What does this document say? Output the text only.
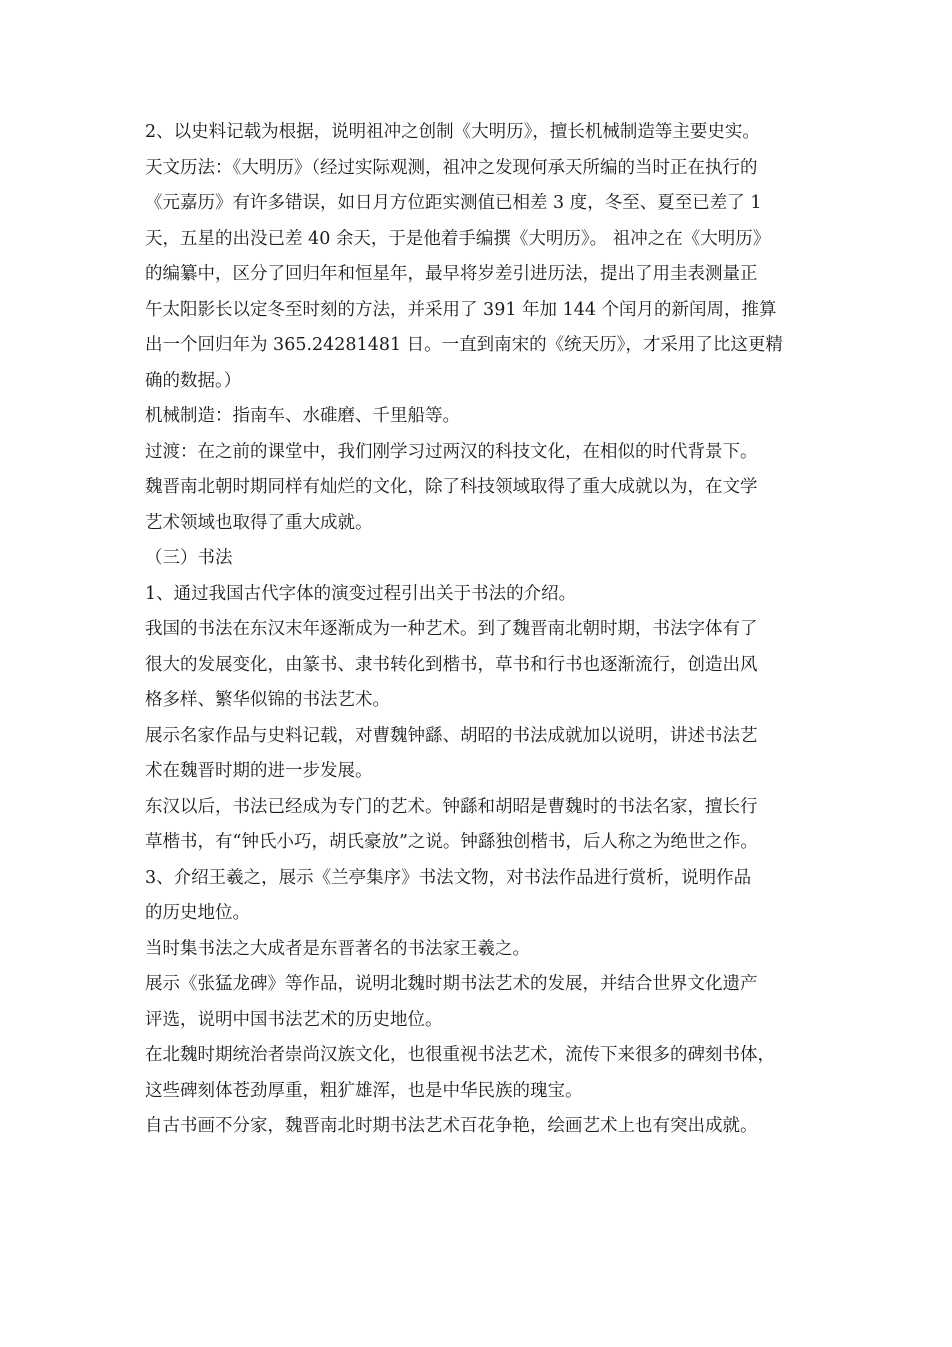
2、以史料记载为根据，说明祖冲之创制《大明历》，擅长机械制造等主要史实。
天文历法：《大明历》（经过实际观测，祖冲之发现何承天所编的当时正在执行的
《元嘉历》有许多错误，如日月方位距实测值已相差 3 度，冬至、夏至已差了 1
天，五星的出没已差 40 余天，于是他着手编撰《大明历》。 祖冲之在《大明历》
的编纂中，区分了回归年和恒星年，最早将岁差引进历法，提出了用圭表测量正
午太阳影长以定冬至时刻的方法，并采用了 391 年加 144 个闰月的新闰周，推算
出一个回归年为 365.24281481 日。一直到南宋的《统天历》，才采用了比这更精
确的数据。）
机械制造：指南车、水碓磨、千里船等。
过渡：在之前的课堂中，我们刚学习过两汉的科技文化，在相似的时代背景下。
魏晋南北朝时期同样有灿烂的文化，除了科技领域取得了重大成就以为，在文学
艺术领域也取得了重大成就。
（三）书法
1、通过我国古代字体的演变过程引出关于书法的介绍。
我国的书法在东汉末年逐渐成为一种艺术。到了魏晋南北朝时期，书法字体有了
很大的发展变化，由篆书、隶书转化到楷书，草书和行书也逐渐流行，创造出风
格多样、繁华似锦的书法艺术。
展示名家作品与史料记载，对曹魏钟繇、胡昭的书法成就加以说明，讲述书法艺
术在魏晋时期的进一步发展。
东汉以后，书法已经成为专门的艺术。钟繇和胡昭是曹魏时的书法名家，擅长行
草楷书，有“钟氏小巧，胡氏豪放”之说。钟繇独创楷书，后人称之为绝世之作。
3、介绍王羲之，展示《兰亭集序》书法文物，对书法作品进行赏析，说明作品
的历史地位。
当时集书法之大成者是东晋著名的书法家王羲之。
展示《张猛龙碑》等作品，说明北魏时期书法艺术的发展，并结合世界文化遗产
评选，说明中国书法艺术的历史地位。
在北魏时期统治者崇尚汉族文化，也很重视书法艺术，流传下来很多的碑刻书体，
这些碑刻体苍劲厚重，粗犷雄浑，也是中华民族的瑰宝。
自古书画不分家，魏晋南北时期书法艺术百花争艳，绘画艺术上也有突出成就。
